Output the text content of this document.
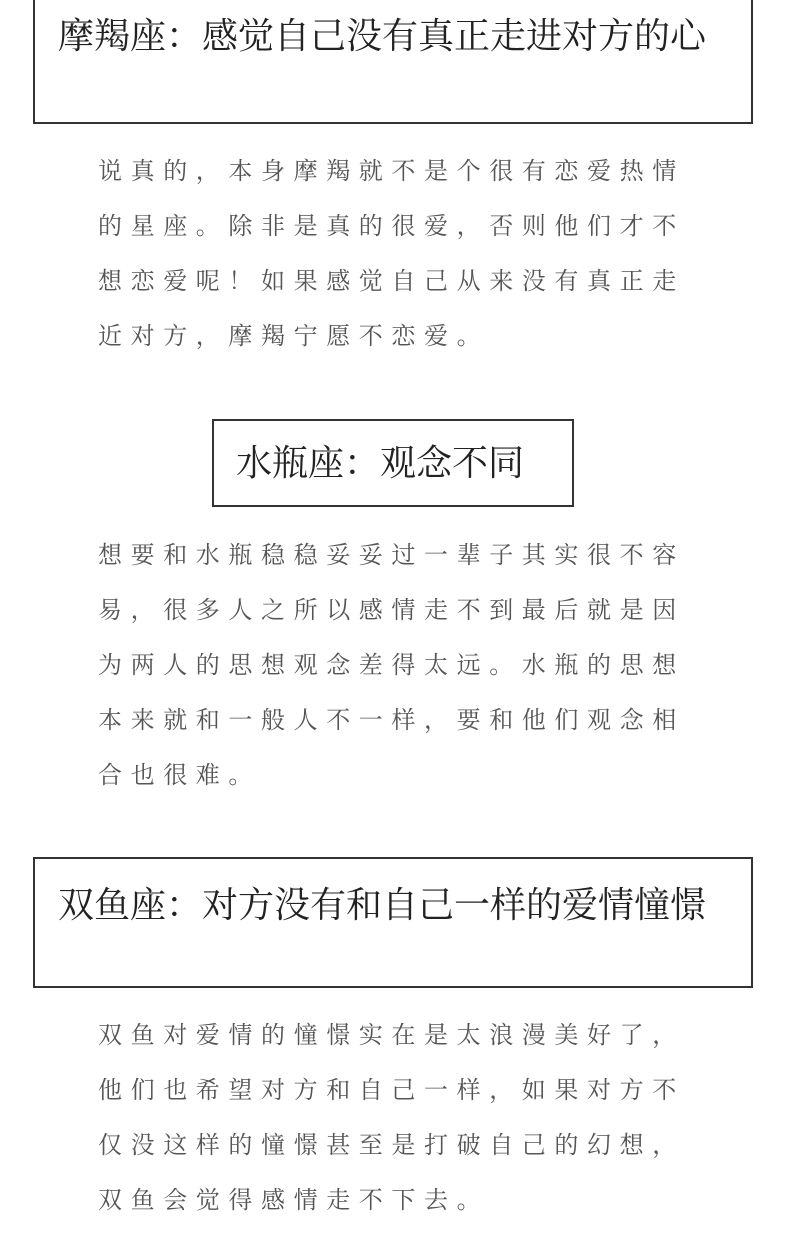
摩羯座：感觉自己没有真正走进对方的心

说真的，本身摩羯就不是个很有恋爱热情
的星座。除非是真的很爱，否则他们才不
想恋爱呢！如果感觉自己从来没有真正走
近对方，摩羯宁愿不恋爱。

水瓶座：观念不同

想要和水瓶稳稳妥妥过一辈子其实很不容
易，很多人之所以感情走不到最后就是因
为两人的思想观念差得太远。水瓶的思想
本来就和一般人不一样，要和他们观念相
合也很难。

双鱼座：对方没有和自己一样的爱情憧憬

双鱼对爱情的憧憬实在是太浪漫美好了，
他们也希望对方和自己一样，如果对方不
仅没这样的憧憬甚至是打破自己的幻想，
双鱼会觉得感情走不下去。
